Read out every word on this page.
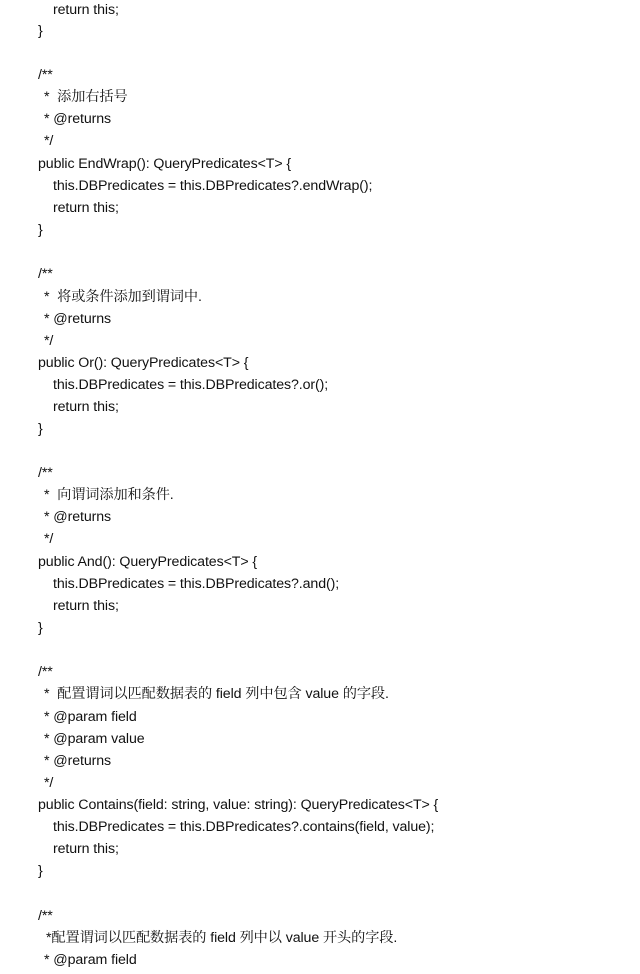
return this;
}
/**
*  添加右括号
* @returns
*/
public EndWrap(): QueryPredicates<T> {
this.DBPredicates = this.DBPredicates?.endWrap();
return this;
}
/**
*  将或条件添加到谓词中.
* @returns
*/
public Or(): QueryPredicates<T> {
this.DBPredicates = this.DBPredicates?.or();
return this;
}
/**
*  向谓词添加和条件.
* @returns
*/
public And(): QueryPredicates<T> {
this.DBPredicates = this.DBPredicates?.and();
return this;
}
/**
*  配置谓词以匹配数据表的 field 列中包含 value 的字段.
* @param field
* @param value
* @returns
*/
public Contains(field: string, value: string): QueryPredicates<T> {
this.DBPredicates = this.DBPredicates?.contains(field, value);
return this;
}
/**
*配置谓词以匹配数据表的 field 列中以 value 开头的字段.
* @param field
